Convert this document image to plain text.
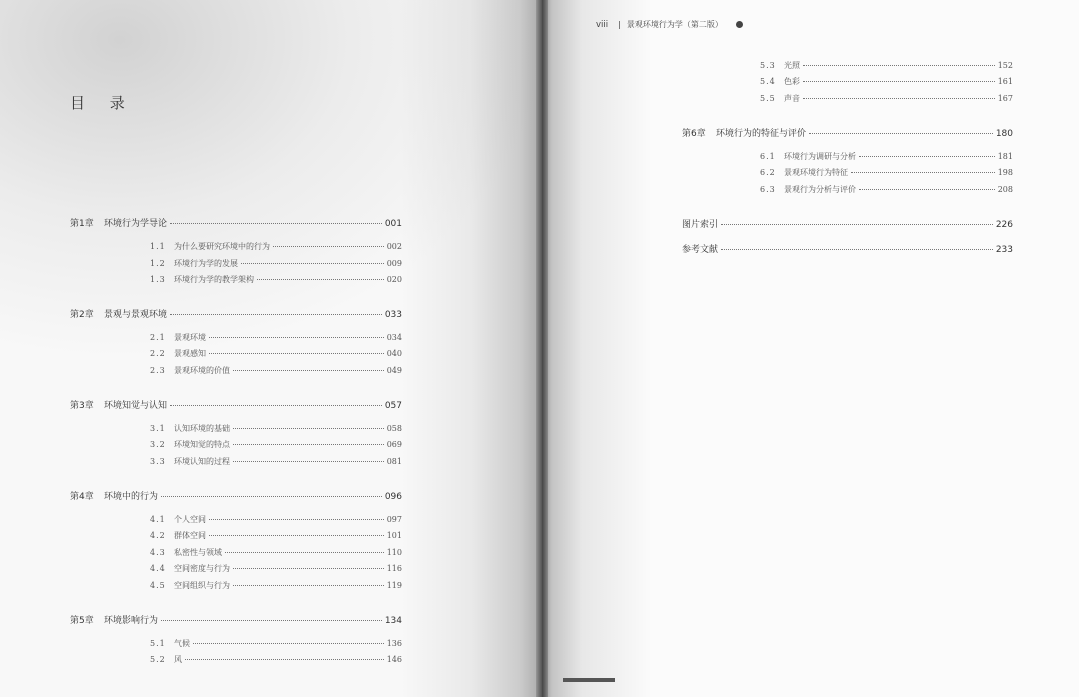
目 录
第1章	环境行为学导论	001
1.1	为什么要研究环境中的行为	002
1.2	环境行为学的发展	009
1.3	环境行为学的教学架构	020
第2章	景观与景观环境	033
2.1	景观环境	034
2.2	景观感知	040
2.3	景观环境的价值	049
第3章	环境知觉与认知	057
3.1	认知环境的基础	058
3.2	环境知觉的特点	069
3.3	环境认知的过程	081
第4章	环境中的行为	096
4.1	个人空间	097
4.2	群体空间	101
4.3	私密性与领域	110
4.4	空间密度与行为	116
4.5	空间组织与行为	119
第5章	环境影响行为	134
5.1	气候	136
5.2	风	146
viii | 景观环境行为学（第二版）
5.3	光照	152
5.4	色彩	161
5.5	声音	167
第6章	环境行为的特征与评价	180
6.1	环境行为调研与分析	181
6.2	景观环境行为特征	198
6.3	景观行为分析与评价	208
图片索引	226
参考文献	233
